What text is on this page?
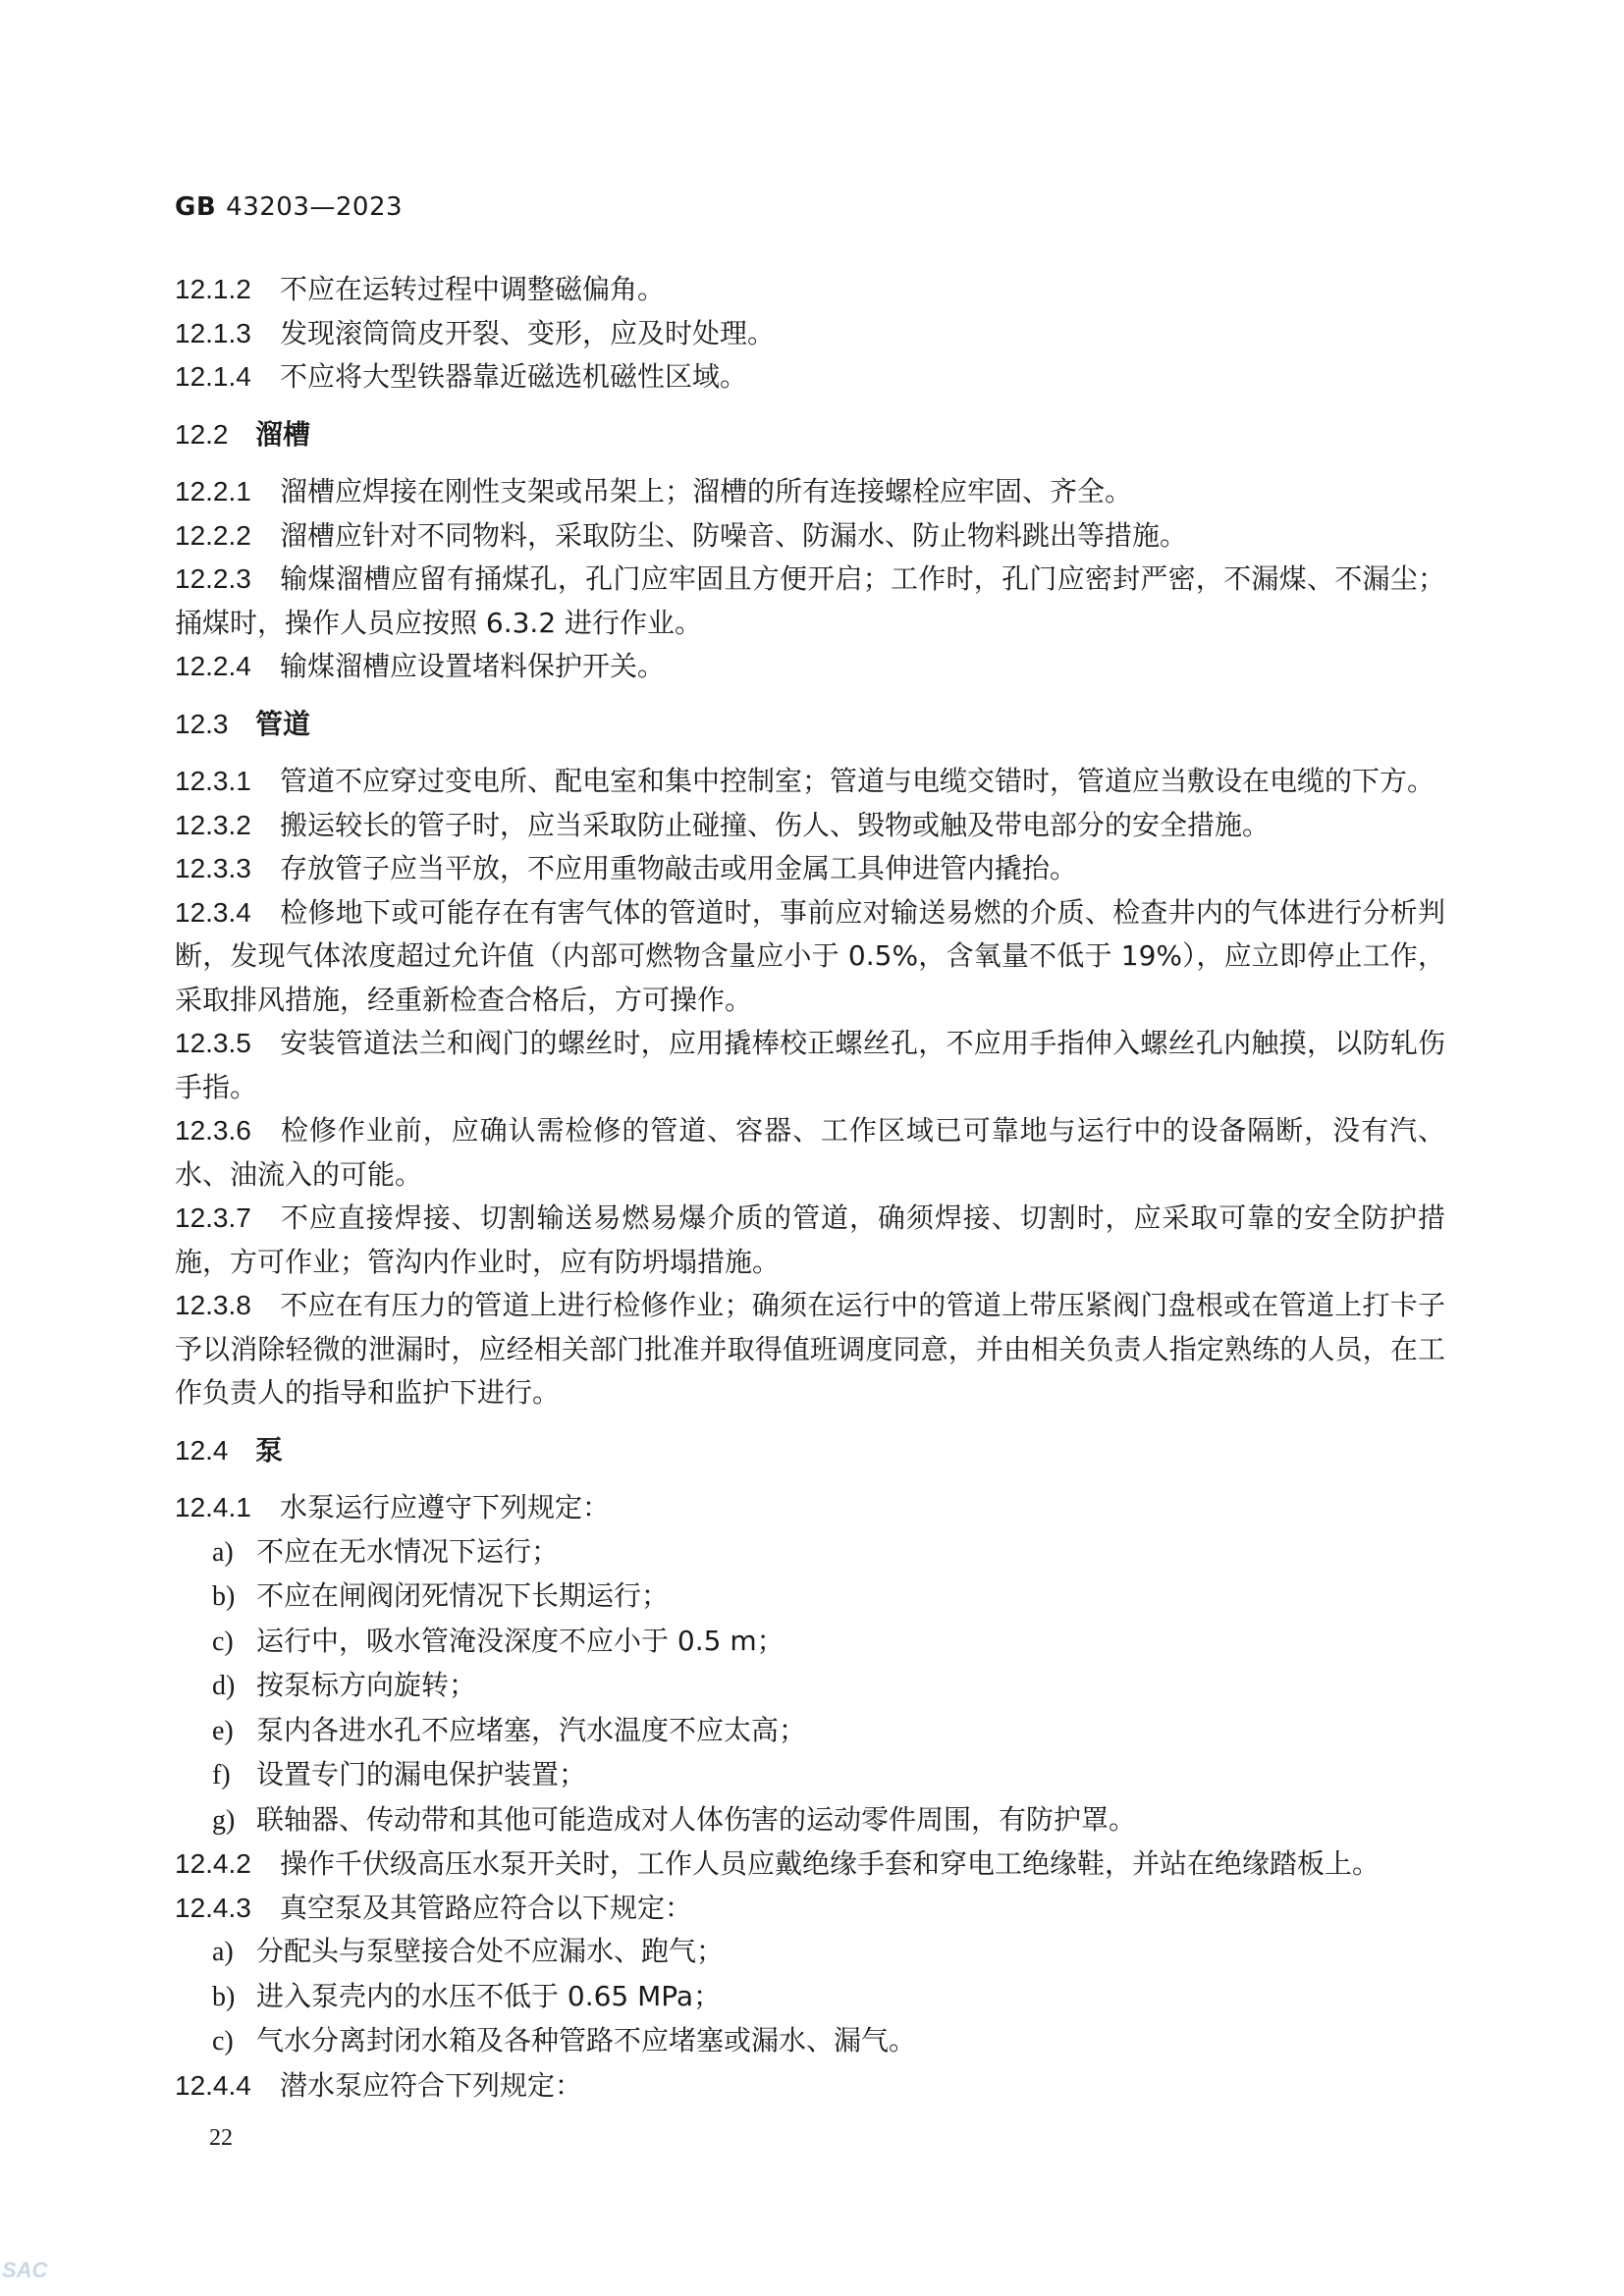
GB 43203—2023

12.1.2 不应在运转过程中调整磁偏角。

12.1.3 发现滚筒筒皮开裂、变形，应及时处理。

12.1.4 不应将大型铁器靠近磁选机磁性区域。

12.2 溜槽

12.2.1 溜槽应焊接在刚性支架或吊架上；溜槽的所有连接螺栓应牢固、齐全。

12.2.2 溜槽应针对不同物料，采取防尘、防噪音、防漏水、防止物料跳出等措施。

12.2.3 输煤溜槽应留有捅煤孔，孔门应牢固且方便开启；工作时，孔门应密封严密，不漏煤、不漏尘；捅煤时，操作人员应按照 6.3.2 进行作业。

12.2.4 输煤溜槽应设置堵料保护开关。

12.3 管道

12.3.1 管道不应穿过变电所、配电室和集中控制室；管道与电缆交错时，管道应当敷设在电缆的下方。

12.3.2 搬运较长的管子时，应当采取防止碰撞、伤人、毁物或触及带电部分的安全措施。

12.3.3 存放管子应当平放，不应用重物敲击或用金属工具伸进管内撬抬。

12.3.4 检修地下或可能存在有害气体的管道时，事前应对输送易燃的介质、检查井内的气体进行分析判断，发现气体浓度超过允许值（内部可燃物含量应小于 0.5%，含氧量不低于 19%），应立即停止工作，采取排风措施，经重新检查合格后，方可操作。

12.3.5 安装管道法兰和阀门的螺丝时，应用撬棒校正螺丝孔，不应用手指伸入螺丝孔内触摸，以防轧伤手指。

12.3.6 检修作业前，应确认需检修的管道、容器、工作区域已可靠地与运行中的设备隔断，没有汽、水、油流入的可能。

12.3.7 不应直接焊接、切割输送易燃易爆介质的管道，确须焊接、切割时，应采取可靠的安全防护措施，方可作业；管沟内作业时，应有防坍塌措施。

12.3.8 不应在有压力的管道上进行检修作业；确须在运行中的管道上带压紧阀门盘根或在管道上打卡子予以消除轻微的泄漏时，应经相关部门批准并取得值班调度同意，并由相关负责人指定熟练的人员，在工作负责人的指导和监护下进行。

12.4 泵

12.4.1 水泵运行应遵守下列规定：

a) 不应在无水情况下运行；

b) 不应在闸阀闭死情况下长期运行；

c) 运行中，吸水管淹没深度不应小于 0.5 m；

d) 按泵标方向旋转；

e) 泵内各进水孔不应堵塞，汽水温度不应太高；

f) 设置专门的漏电保护装置；

g) 联轴器、传动带和其他可能造成对人体伤害的运动零件周围，有防护罩。

12.4.2 操作千伏级高压水泵开关时，工作人员应戴绝缘手套和穿电工绝缘鞋，并站在绝缘踏板上。

12.4.3 真空泵及其管路应符合以下规定：

a) 分配头与泵壁接合处不应漏水、跑气；

b) 进入泵壳内的水压不低于 0.65 MPa；

c) 气水分离封闭水箱及各种管路不应堵塞或漏水、漏气。

12.4.4 潜水泵应符合下列规定：

22
SAC
